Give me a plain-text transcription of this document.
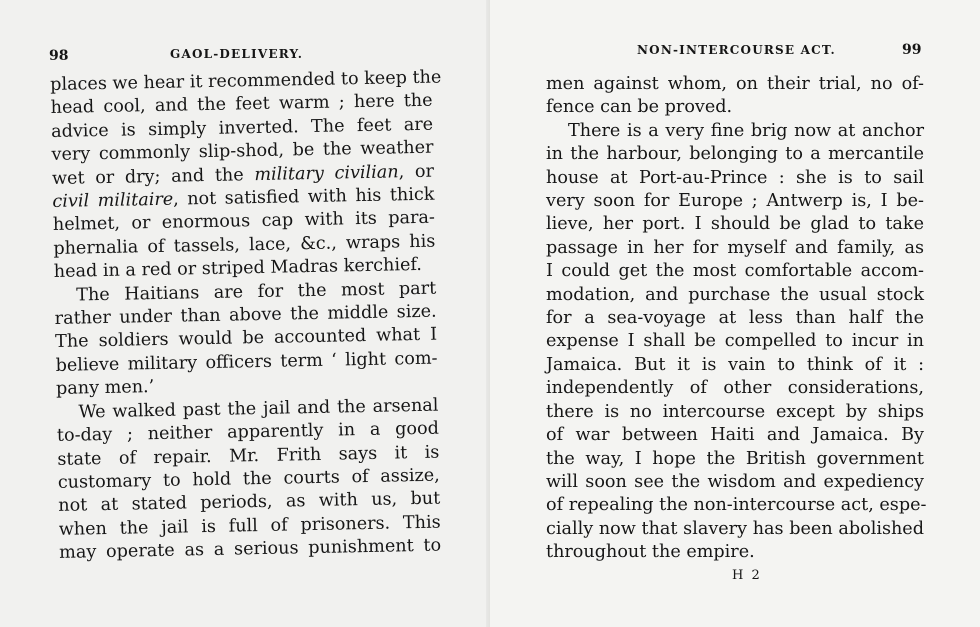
98	GAOL-DELIVERY.
places we hear it recommended to keep the
head cool, and the feet warm ; here the
advice is simply inverted. The feet are
very commonly slip-shod, be the weather
wet or dry; and the military civilian, or
civil militaire, not satisfied with his thick
helmet, or enormous cap with its para-
phernalia of tassels, lace, &c., wraps his
head in a red or striped Madras kerchief.
The Haitians are for the most part
rather under than above the middle size.
The soldiers would be accounted what I
believe military officers term ‘ light com-
pany men.’
We walked past the jail and the arsenal
to-day ; neither apparently in a good
state of repair. Mr. Frith says it is
customary to hold the courts of assize,
not at stated periods, as with us, but
when the jail is full of prisoners. This
may operate as a serious punishment to
NON-INTERCOURSE ACT.	99
men against whom, on their trial, no of-
fence can be proved.
There is a very fine brig now at anchor
in the harbour, belonging to a mercantile
house at Port-au-Prince : she is to sail
very soon for Europe ; Antwerp is, I be-
lieve, her port. I should be glad to take
passage in her for myself and family, as
I could get the most comfortable accom-
modation, and purchase the usual stock
for a sea-voyage at less than half the
expense I shall be compelled to incur in
Jamaica. But it is vain to think of it :
independently of other considerations,
there is no intercourse except by ships
of war between Haiti and Jamaica. By
the way, I hope the British government
will soon see the wisdom and expediency
of repealing the non-intercourse act, espe-
cially now that slavery has been abolished
throughout the empire.
H 2
